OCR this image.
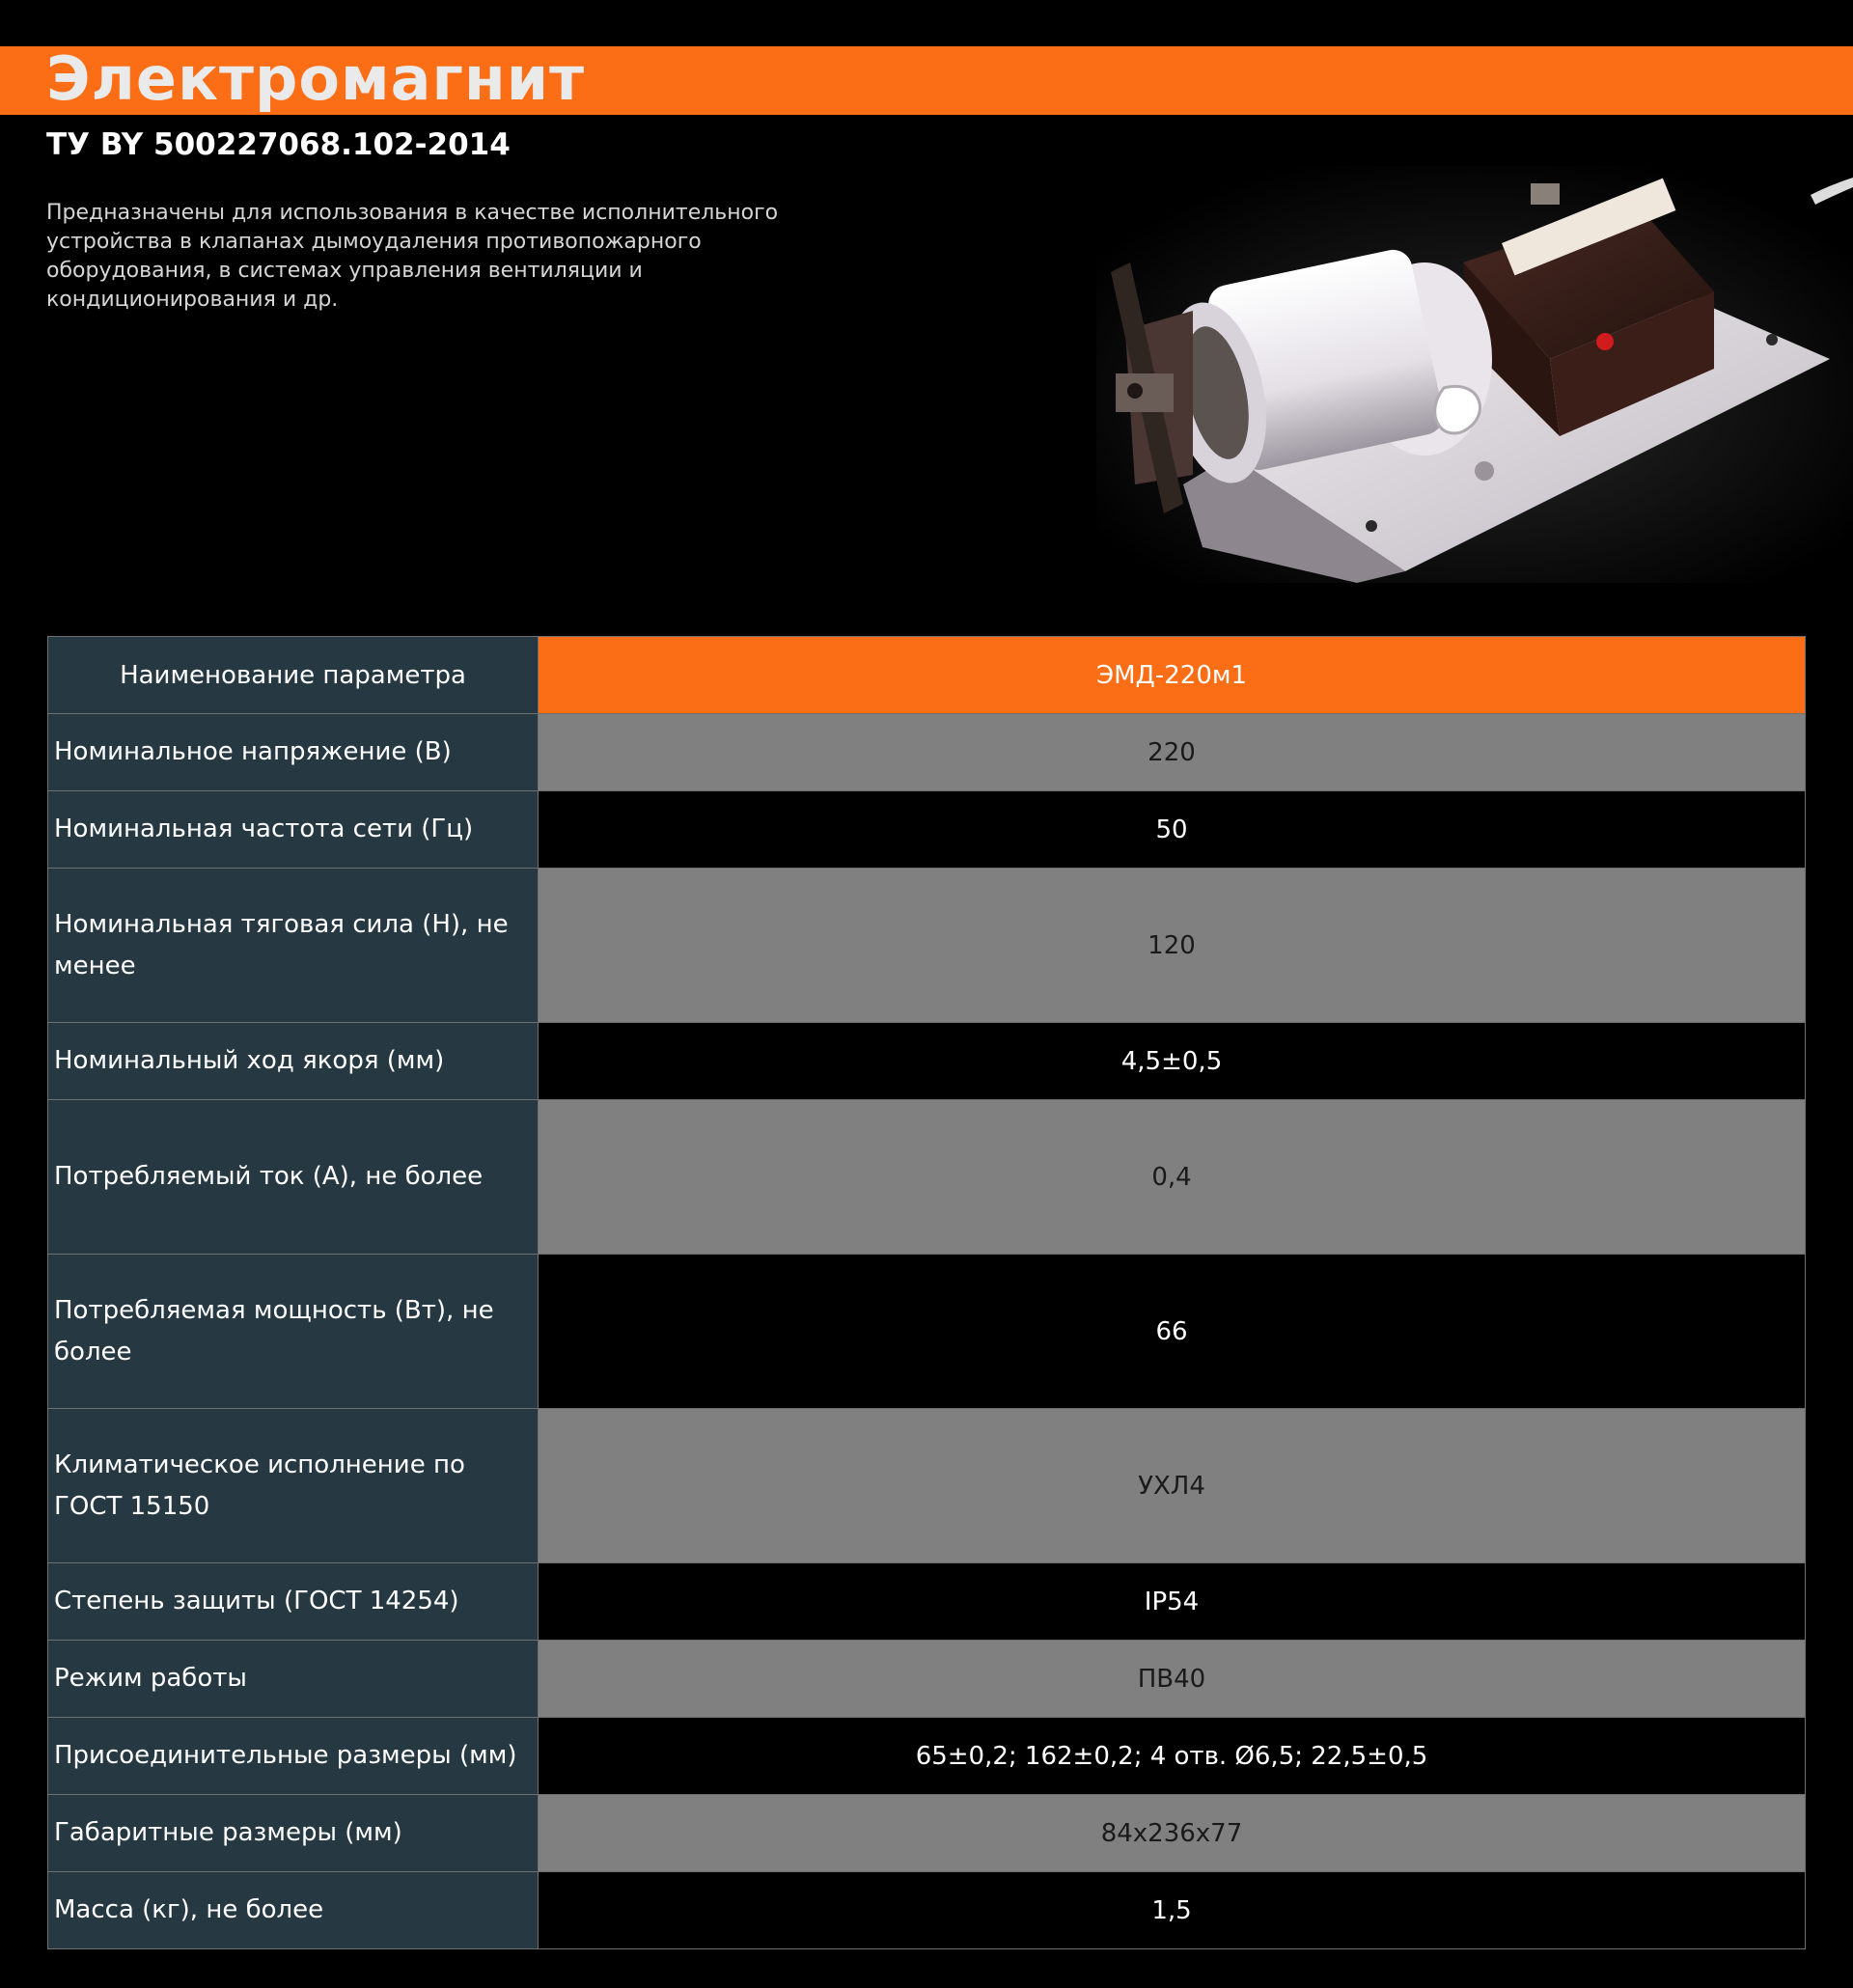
Электромагнит
ТУ BY 500227068.102-2014

Предназначены для использования в качестве исполнительного устройства в клапанах дымоудаления противопожарного оборудования, в системах управления вентиляции и кондиционирования и др.

Наименование параметра	ЭМД-220м1
Номинальное напряжение (В)	220
Номинальная частота сети (Гц)	50
Номинальная тяговая сила (Н), не менее	120
Номинальный ход якоря (мм)	4,5±0,5
Потребляемый ток (А), не более	0,4
Потребляемая мощность (Вт), не более	66
Климатическое исполнение по ГОСТ 15150	УХЛ4
Степень защиты (ГОСТ 14254)	IP54
Режим работы	ПВ40
Присоединительные размеры (мм)	65±0,2; 162±0,2; 4 отв. Ø6,5; 22,5±0,5
Габаритные размеры (мм)	84х236х77
Масса (кг), не более	1,5
